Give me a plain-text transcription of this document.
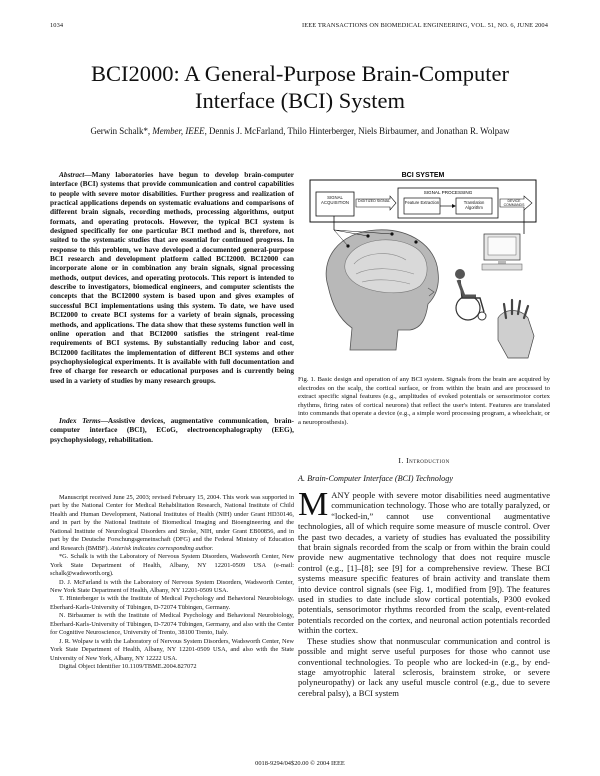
1034	IEEE TRANSACTIONS ON BIOMEDICAL ENGINEERING, VOL. 51, NO. 6, JUNE 2004
BCI2000: A General-Purpose Brain-Computer
Interface (BCI) System
Gerwin Schalk*, Member, IEEE, Dennis J. McFarland, Thilo Hinterberger, Niels Birbaumer, and Jonathan R. Wolpaw
Abstract—Many laboratories have begun to develop brain-computer interface (BCI) systems that provide communication and control capabilities to people with severe motor disabilities. Further progress and realization of practical applications depends on systematic evaluations and comparisons of different brain signals, recording methods, processing algorithms, output formats, and operating protocols. However, the typical BCI system is designed specifically for one particular BCI method and is, therefore, not suited to the systematic studies that are essential for continued progress. In response to this problem, we have developed a documented general-purpose BCI research and development platform called BCI2000. BCI2000 can incorporate alone or in combination any brain signals, signal processing methods, output devices, and operating protocols. This report is intended to describe to investigators, biomedical engineers, and computer scientists the concepts that the BCI2000 system is based upon and gives examples of successful BCI implementations using this system. To date, we have used BCI2000 to create BCI systems for a variety of brain signals, processing methods, and applications. The data show that these systems function well in online operation and that BCI2000 satisfies the stringent real-time requirements of BCI systems. By substantially reducing labor and cost, BCI2000 facilitates the implementation of different BCI systems and other psychophysiological experiments. It is available with full documentation and free of charge for research or educational purposes and is currently being used in a variety of studies by many research groups.
Index Terms—Assistive devices, augmentative communication, brain-computer interface (BCI), ECoG, electroencephalography (EEG), psychophysiology, rehabilitation.

Manuscript received June 25, 2003; revised February 15, 2004. This work was supported in part by the National Center for Medical Rehabilitation Research, National Institute of Child Health and Human Development, National Institutes of Health (NIH) under Grant HD30146, and in part by the National Institute of Biomedical Imaging and Bioengineering and the National Institute of Neurological Disorders and Stroke, NIH, under Grant EB00856, and in part by the Deutsche Forschungsgemeinschaft (DFG) and the Federal Ministry of Education and Research (BMBF). Asterisk indicates corresponding author.

*G. Schalk is with the Laboratory of Nervous System Disorders, Wadsworth Center, New York State Department of Health, Albany, NY 12201-0509 USA (e-mail: schalk@wadsworth.org).

D. J. McFarland is with the Laboratory of Nervous System Disorders, Wadsworth Center, New York State Department of Health, Albany, NY 12201-0509 USA.

T. Hinterberger is with the Institute of Medical Psychology and Behavioral Neurobiology, Eberhard-Karls-University of Tübingen, D-72074 Tübingen, Germany.

N. Birbaumer is with the Institute of Medical Psychology and Behavioral Neurobiology, Eberhard-Karls-University of Tübingen, D-72074 Tübingen, Germany, and also with the Center for Cognitive Neuroscience, University of Trento, 38100 Trento, Italy.

J. R. Wolpaw is with the Laboratory of Nervous System Disorders, Wadsworth Center, New York State Department of Health, Albany, NY 12201-0509 USA, and also with the State University of New York, Albany, NY 12222 USA.

Digital Object Identifier 10.1109/TBME.2004.827072

BCI SYSTEM
SIGNAL PROCESSING
SIGNAL ACQUISITION	DIGITIZED SIGNAL	Feature Extraction	Translation Algorithm
DEVICE COMMANDS
Fig. 1. Basic design and operation of any BCI system. Signals from the brain are acquired by electrodes on the scalp, the cortical surface, or from within the brain and are processed to extract specific signal features (e.g., amplitudes of evoked potentials or sensorimotor cortex rhythms, firing rates of cortical neurons) that reflect the user's intent. Features are translated into commands that operate a device (e.g., a simple word processing program, a wheelchair, or a neuroprosthesis).
I. Introduction
A. Brain-Computer Interface (BCI) Technology

MANY people with severe motor disabilities need augmentative communication technology. Those who are totally paralyzed, or “locked-in,” cannot use conventional augmentative technologies, all of which require some measure of muscle control. Over the past two decades, a variety of studies has evaluated the possibility that brain signals recorded from the scalp or from within the brain could provide new augmentative technology that does not require muscle control (e.g., [1]–[8]; see [9] for a comprehensive review. These BCI systems measure specific features of brain activity and translate them into device control signals (see Fig. 1, modified from [9]). The features used in studies to date include slow cortical potentials, P300 evoked potentials, sensorimotor rhythms recorded from the scalp, event-related potentials recorded on the cortex, and neuronal action potentials recorded within the cortex.

These studies show that nonmuscular communication and control is possible and might serve useful purposes for those who cannot use conventional technologies. To people who are locked-in (e.g., by end-stage amyotrophic lateral sclerosis, brainstem stroke, or severe polyneuropathy) or lack any useful muscle control (e.g., due to severe cerebral palsy), a BCI system

0018-9294/04$20.00 © 2004 IEEE
